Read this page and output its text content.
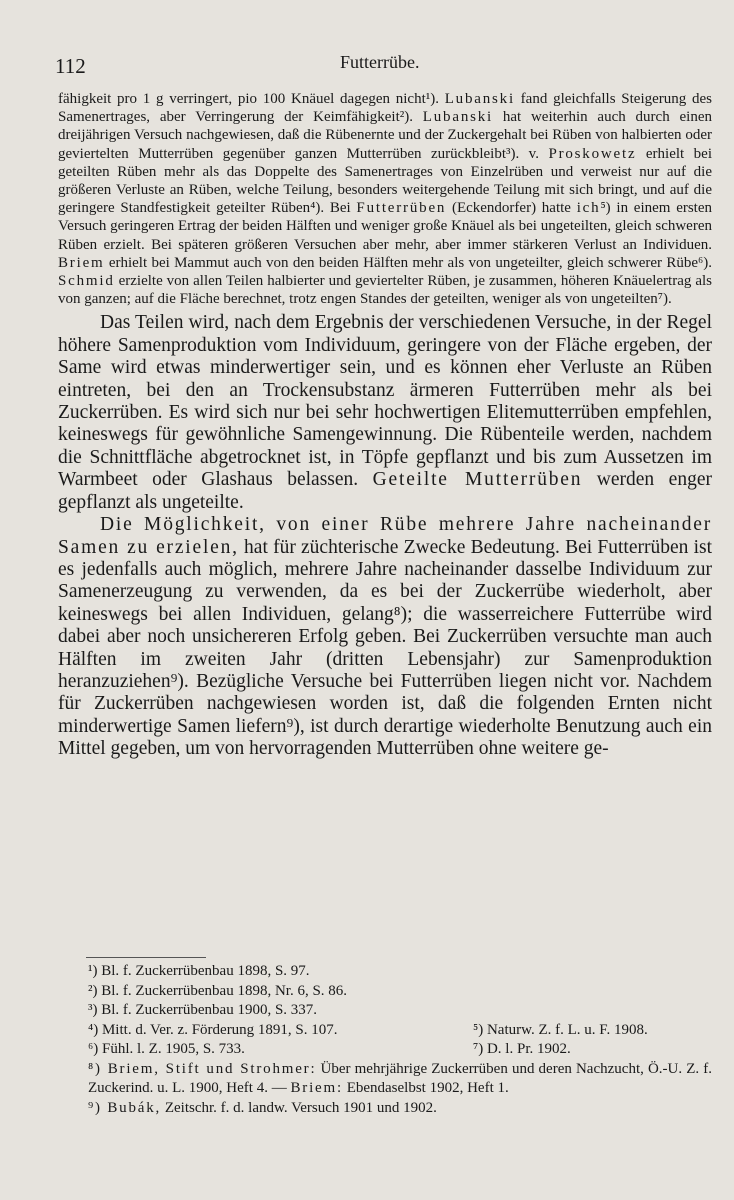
112	Futterrübe.

fähigkeit pro 1 g verringert, pio 100 Knäuel dagegen nicht¹). Lubanski fand gleichfalls Steigerung des Samenertrages, aber Verringerung der Keimfähigkeit²). Lubanski hat weiterhin auch durch einen dreijährigen Versuch nachgewiesen, daß die Rübenernte und der Zuckergehalt bei Rüben von halbierten oder geviertelten Mutterrüben gegenüber ganzen Mutterrüben zurückbleibt³). v. Proskowetz erhielt bei geteilten Rüben mehr als das Doppelte des Samenertrages von Einzelrüben und verweist nur auf die größeren Verluste an Rüben, welche Teilung, besonders weitergehende Teilung mit sich bringt, und auf die geringere Standfestigkeit geteilter Rüben⁴). Bei Futterrüben (Eckendorfer) hatte ich⁵) in einem ersten Versuch geringeren Ertrag der beiden Hälften und weniger große Knäuel als bei ungeteilten, gleich schweren Rüben erzielt. Bei späteren größeren Versuchen aber mehr, aber immer stärkeren Verlust an Individuen. Briem erhielt bei Mammut auch von den beiden Hälften mehr als von ungeteilter, gleich schwerer Rübe⁶). Schmid erzielte von allen Teilen halbierter und geviertelter Rüben, je zusammen, höheren Knäuelertrag als von ganzen; auf die Fläche berechnet, trotz engen Standes der geteilten, weniger als von ungeteilten⁷).

Das Teilen wird, nach dem Ergebnis der verschiedenen Versuche, in der Regel höhere Samenproduktion vom Individuum, geringere von der Fläche ergeben, der Same wird etwas minderwertiger sein, und es können eher Verluste an Rüben eintreten, bei den an Trockensubstanz ärmeren Futterrüben mehr als bei Zuckerrüben. Es wird sich nur bei sehr hochwertigen Elitemutterrüben empfehlen, keineswegs für gewöhnliche Samengewinnung. Die Rübenteile werden, nachdem die Schnittfläche abgetrocknet ist, in Töpfe gepflanzt und bis zum Aussetzen im Warmbeet oder Glashaus belassen. Geteilte Mutterrüben werden enger gepflanzt als ungeteilte.

Die Möglichkeit, von einer Rübe mehrere Jahre nacheinander Samen zu erzielen, hat für züchterische Zwecke Bedeutung. Bei Futterrüben ist es jedenfalls auch möglich, mehrere Jahre nacheinander dasselbe Individuum zur Samenerzeugung zu verwenden, da es bei der Zuckerrübe wiederholt, aber keineswegs bei allen Individuen, gelang⁸); die wasserreichere Futterrübe wird dabei aber noch unsichereren Erfolg geben. Bei Zuckerrüben versuchte man auch Hälften im zweiten Jahr (dritten Lebensjahr) zur Samenproduktion heranzuziehen⁹). Bezügliche Versuche bei Futterrüben liegen nicht vor. Nachdem für Zuckerrüben nachgewiesen worden ist, daß die folgenden Ernten nicht minderwertige Samen liefern⁹), ist durch derartige wiederholte Benutzung auch ein Mittel gegeben, um von hervorragenden Mutterrüben ohne weitere ge-

¹) Bl. f. Zuckerrübenbau 1898, S. 97.
²) Bl. f. Zuckerrübenbau 1898, Nr. 6, S. 86.
³) Bl. f. Zuckerrübenbau 1900, S. 337.
⁴) Mitt. d. Ver. z. Förderung 1891, S. 107.	⁵) Naturw. Z. f. L. u. F. 1908.
⁶) Fühl. l. Z. 1905, S. 733.	⁷) D. l. Pr. 1902.
⁸) Briem, Stift und Strohmer: Über mehrjährige Zuckerrüben und deren Nachzucht, Ö.-U. Z. f. Zuckerind. u. L. 1900, Heft 4. — Briem: Ebendaselbst 1902, Heft 1.
⁹) Bubák, Zeitschr. f. d. landw. Versuch 1901 und 1902.
